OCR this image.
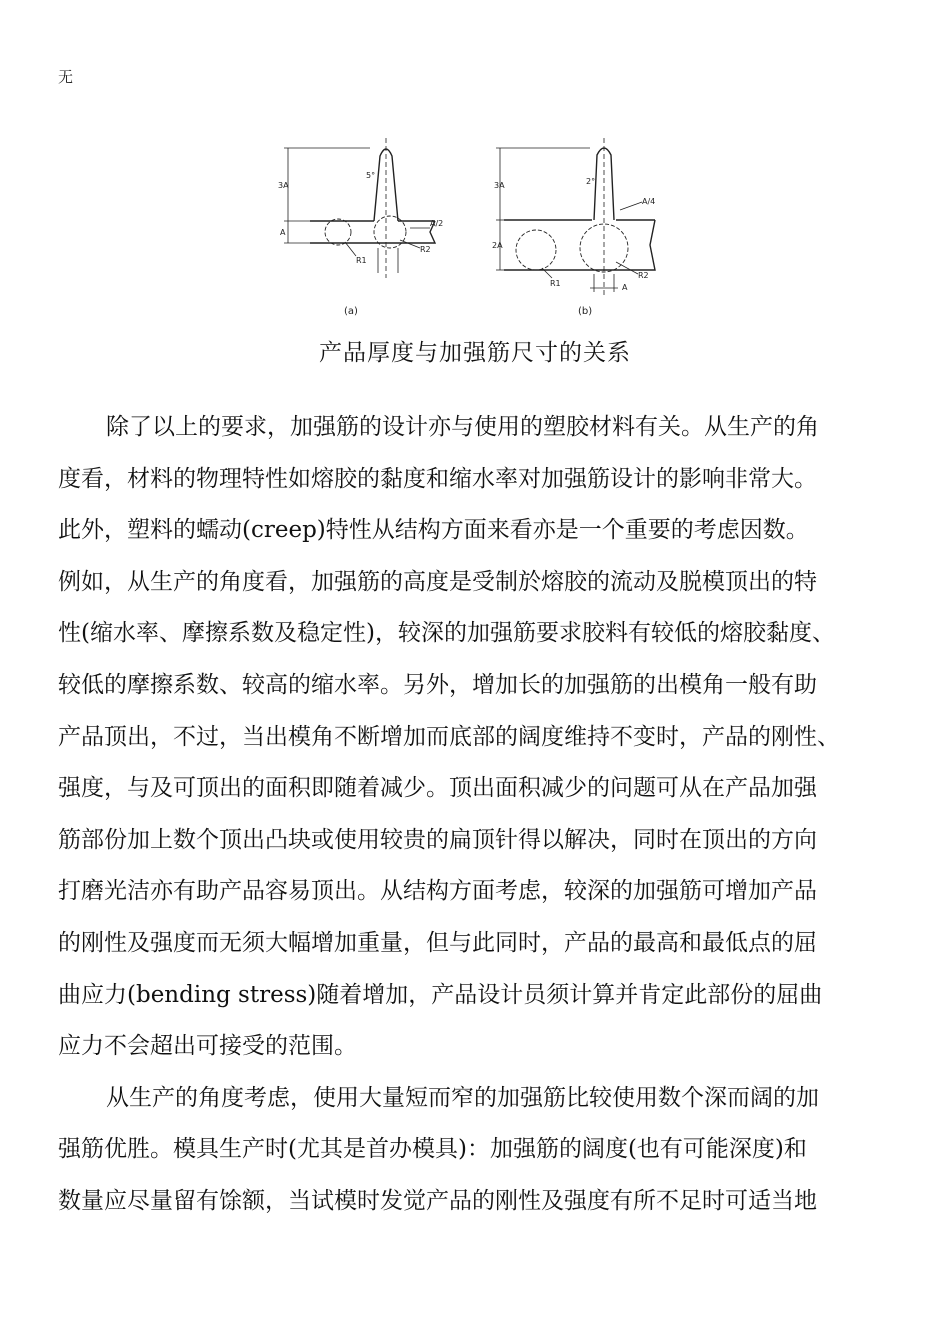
无
3A
A
5°
A/2
R2
R1
(a)
3A
2A
2°
A/4
R2
R1	A
(b)
产品厚度与加强筋尺寸的关系
除了以上的要求，加强筋的设计亦与使用的塑胶材料有关。从生产的角
度看，材料的物理特性如熔胶的黏度和缩水率对加强筋设计的影响非常大。
此外，塑料的蠕动(creep)特性从结构方面来看亦是一个重要的考虑因数。
例如，从生产的角度看，加强筋的高度是受制於熔胶的流动及脱模顶出的特
性(缩水率、摩擦系数及稳定性)，较深的加强筋要求胶料有较低的熔胶黏度、
较低的摩擦系数、较高的缩水率。另外，增加长的加强筋的出模角一般有助
产品顶出，不过，当出模角不断增加而底部的阔度维持不变时，产品的刚性、
强度，与及可顶出的面积即随着减少。顶出面积减少的问题可从在产品加强
筋部份加上数个顶出凸块或使用较贵的扁顶针得以解决，同时在顶出的方向
打磨光洁亦有助产品容易顶出。从结构方面考虑，较深的加强筋可增加产品
的刚性及强度而无须大幅增加重量，但与此同时，产品的最高和最低点的屈
曲应力(bending stress)随着增加，产品设计员须计算并肯定此部份的屈曲
应力不会超出可接受的范围。
从生产的角度考虑，使用大量短而窄的加强筋比较使用数个深而阔的加
强筋优胜。模具生产时(尤其是首办模具)：加强筋的阔度(也有可能深度)和
数量应尽量留有馀额，当试模时发觉产品的刚性及强度有所不足时可适当地
